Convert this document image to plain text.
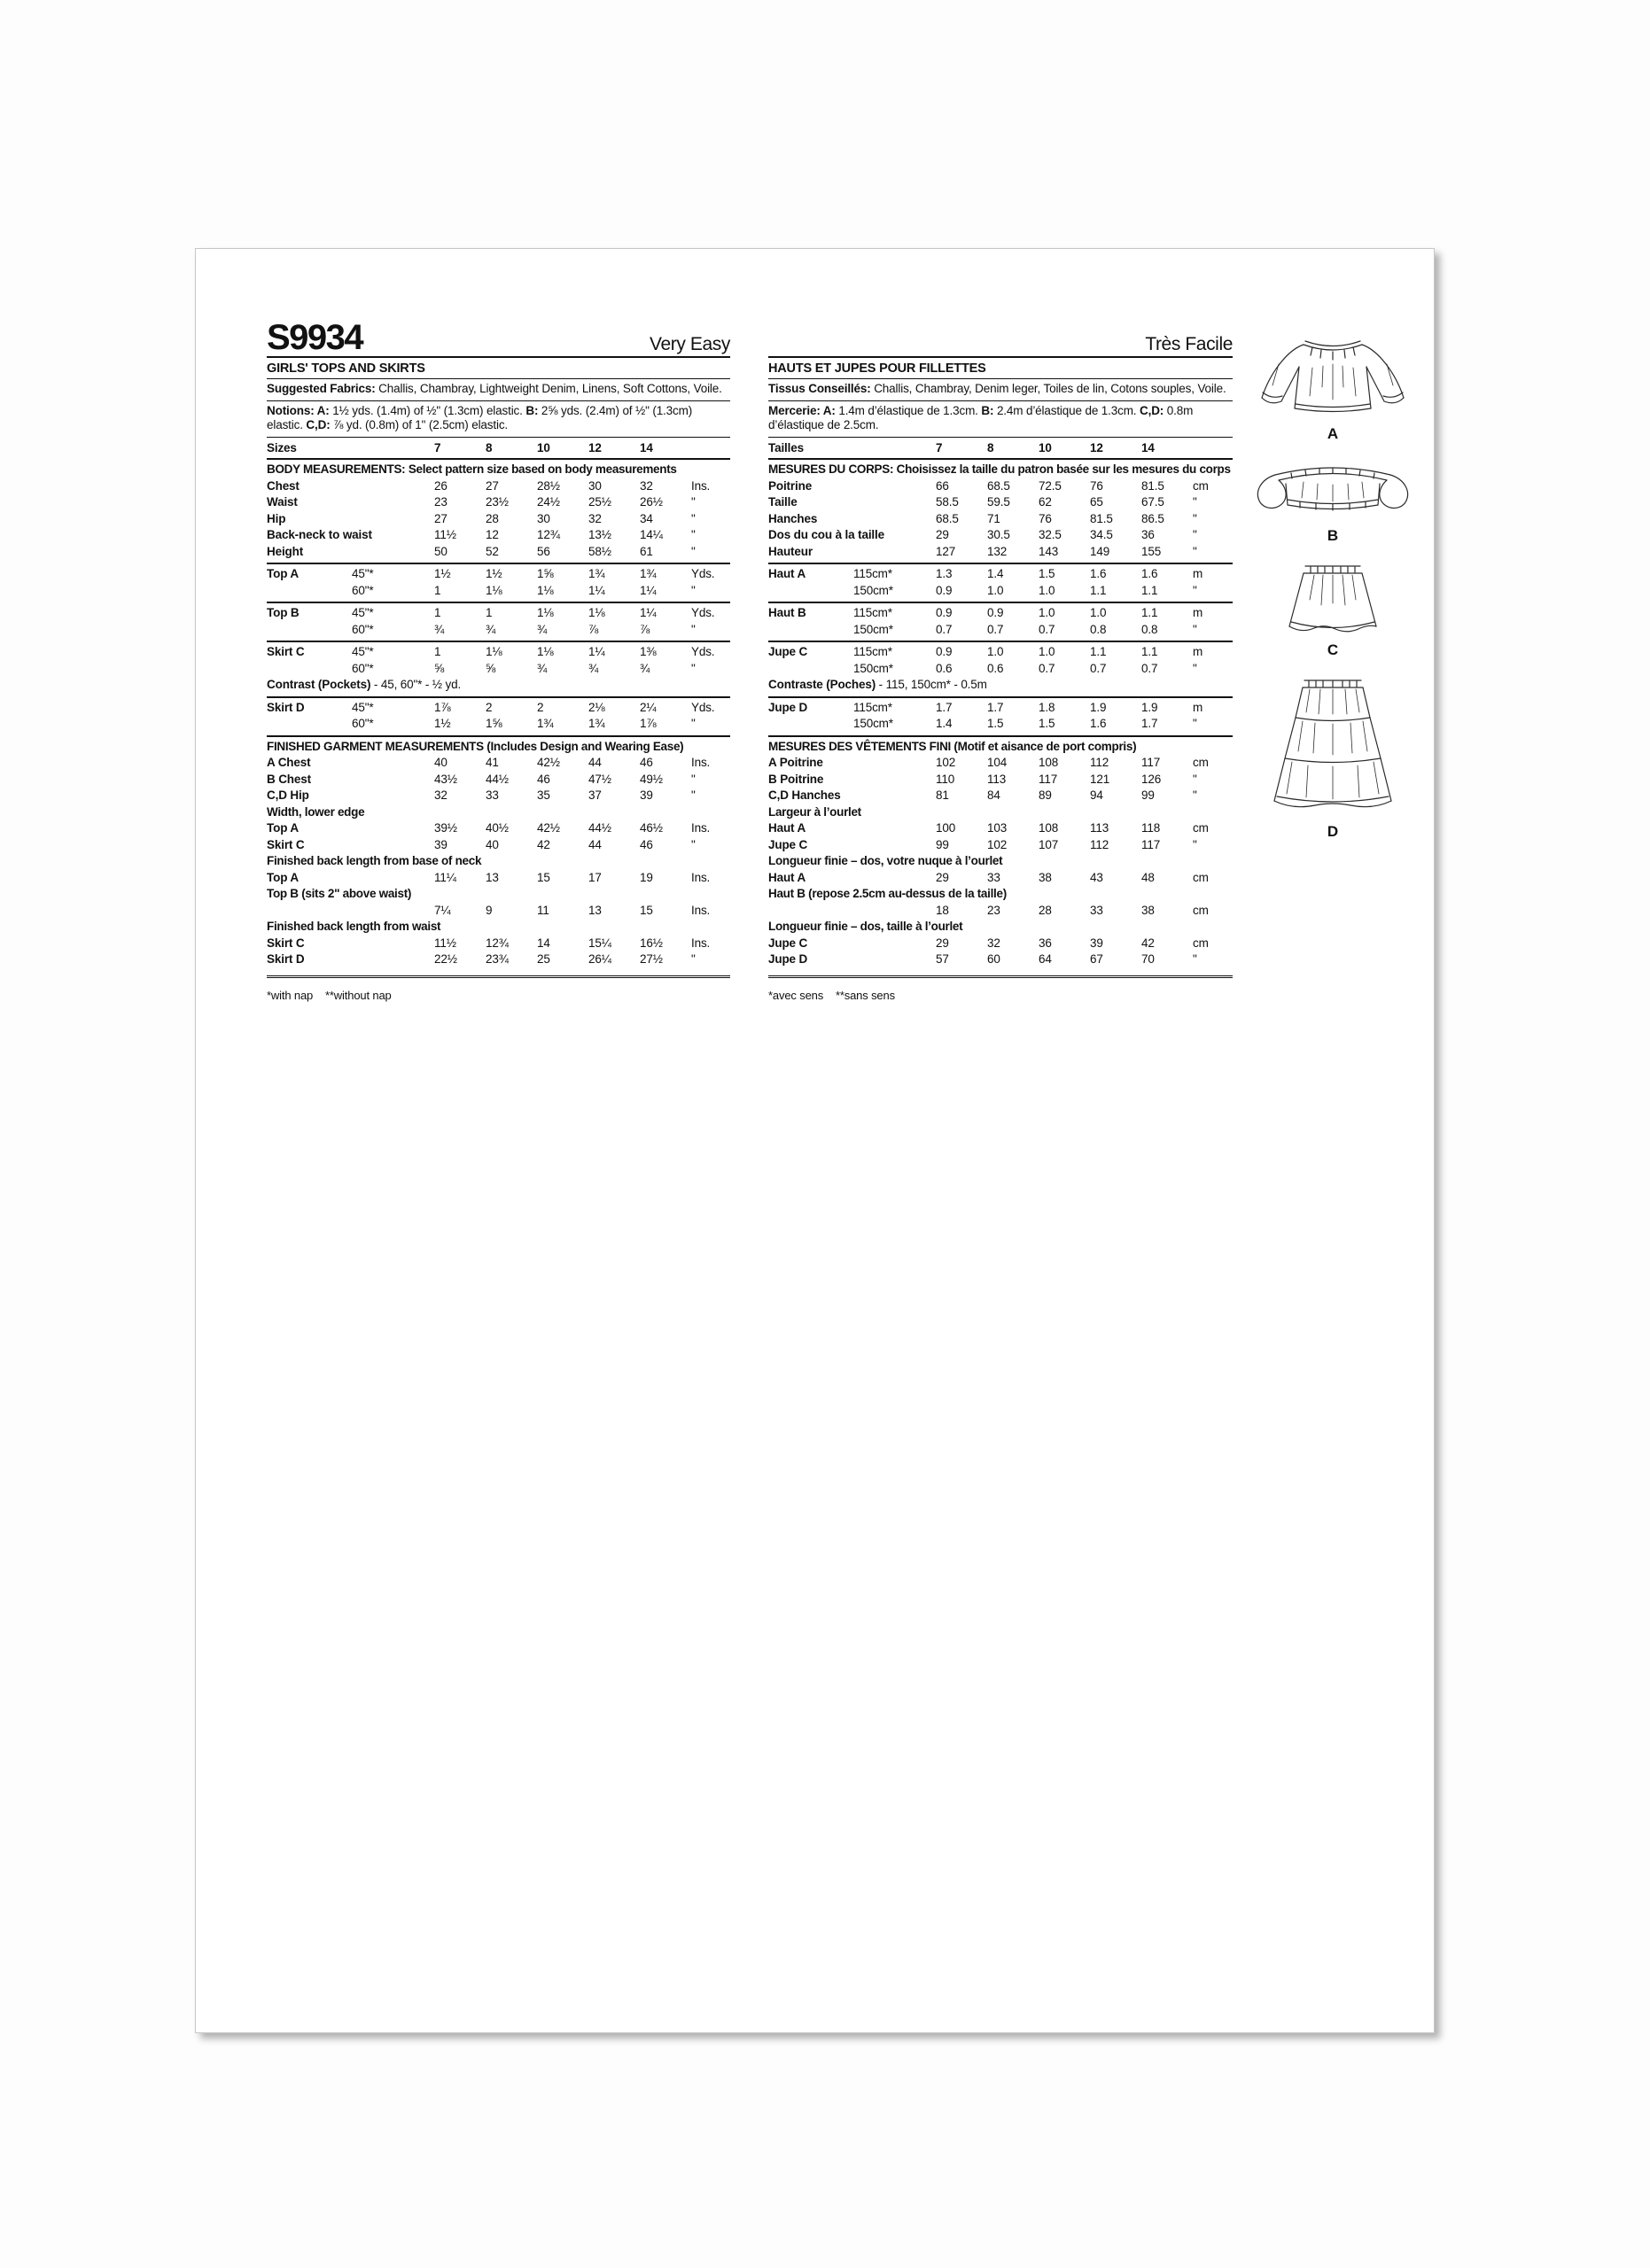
S9934	Very Easy
GIRLS' TOPS AND SKIRTS
Suggested Fabrics: Challis, Chambray, Lightweight Denim, Linens, Soft Cottons, Voile.
Notions: A: 1½ yds. (1.4m) of ½" (1.3cm) elastic. B: 2⅝ yds. (2.4m) of ½" (1.3cm) elastic. C,D: ⅞ yd. (0.8m) of 1" (2.5cm) elastic.
Sizes	7	8	10	12	14
BODY MEASUREMENTS: Select pattern size based on body measurements
Chest	26	27	28½	30	32	Ins.
Waist	23	23½	24½	25½	26½	"
Hip	27	28	30	32	34	"
Back-neck to waist	11½	12	12¾	13½	14¼	"
Height	50	52	56	58½	61	"
Top A	45"*	1½	1½	1⅝	1¾	1¾	Yds.
60"*	1	1⅛	1⅛	1¼	1¼	"
Top B	45"*	1	1	1⅛	1⅛	1¼	Yds.
60"*	¾	¾	¾	⅞	⅞	"
Skirt C	45"*	1	1⅛	1⅛	1¼	1⅜	Yds.
60"*	⅝	⅝	¾	¾	¾	"
Contrast (Pockets) - 45, 60"* - ½ yd.
Skirt D	45"*	1⅞	2	2	2⅛	2¼	Yds.
60"*	1½	1⅝	1¾	1¾	1⅞	"
FINISHED GARMENT MEASUREMENTS (Includes Design and Wearing Ease)
A Chest	40	41	42½	44	46	Ins.
B Chest	43½	44½	46	47½	49½	"
C,D Hip	32	33	35	37	39	"
Width, lower edge
Top A	39½	40½	42½	44½	46½	Ins.
Skirt C	39	40	42	44	46	"
Finished back length from base of neck
Top A	11¼	13	15	17	19	Ins.
Top B (sits 2" above waist)
7¼	9	11	13	15	Ins.
Finished back length from waist
Skirt C	11½	12¾	14	15¼	16½	Ins.
Skirt D	22½	23¾	25	26¼	27½	"
*with nap    **without nap
Très Facile
HAUTS ET JUPES POUR FILLETTES
Tissus Conseillés: Challis, Chambray, Denim leger, Toiles de lin, Cotons souples, Voile.
Mercerie: A: 1.4m d’élastique de 1.3cm. B: 2.4m d’élastique de 1.3cm. C,D: 0.8m d’élastique de 2.5cm.
Tailles	7	8	10	12	14
MESURES DU CORPS: Choisissez la taille du patron basée sur les mesures du corps
Poitrine	66	68.5	72.5	76	81.5	cm
Taille	58.5	59.5	62	65	67.5	"
Hanches	68.5	71	76	81.5	86.5	"
Dos du cou à la taille	29	30.5	32.5	34.5	36	"
Hauteur	127	132	143	149	155	"
Haut A	115cm*	1.3	1.4	1.5	1.6	1.6	m
150cm*	0.9	1.0	1.0	1.1	1.1	"
Haut B	115cm*	0.9	0.9	1.0	1.0	1.1	m
150cm*	0.7	0.7	0.7	0.8	0.8	"
Jupe C	115cm*	0.9	1.0	1.0	1.1	1.1	m
150cm*	0.6	0.6	0.7	0.7	0.7	"
Contraste (Poches) - 115, 150cm* - 0.5m
Jupe D	115cm*	1.7	1.7	1.8	1.9	1.9	m
150cm*	1.4	1.5	1.5	1.6	1.7	"
MESURES DES VÊTEMENTS FINI (Motif et aisance de port compris)
A Poitrine	102	104	108	112	117	cm
B Poitrine	110	113	117	121	126	"
C,D Hanches	81	84	89	94	99	"
Largeur à l’ourlet
Haut A	100	103	108	113	118	cm
Jupe C	99	102	107	112	117	"
Longueur finie – dos, votre nuque à l’ourlet
Haut A	29	33	38	43	48	cm
Haut B (repose 2.5cm au-dessus de la taille)
18	23	28	33	38	cm
Longueur finie – dos, taille à l’ourlet
Jupe C	29	32	36	39	42	cm
Jupe D	57	60	64	67	70	"
*avec sens    **sans sens
A
B
C
D
